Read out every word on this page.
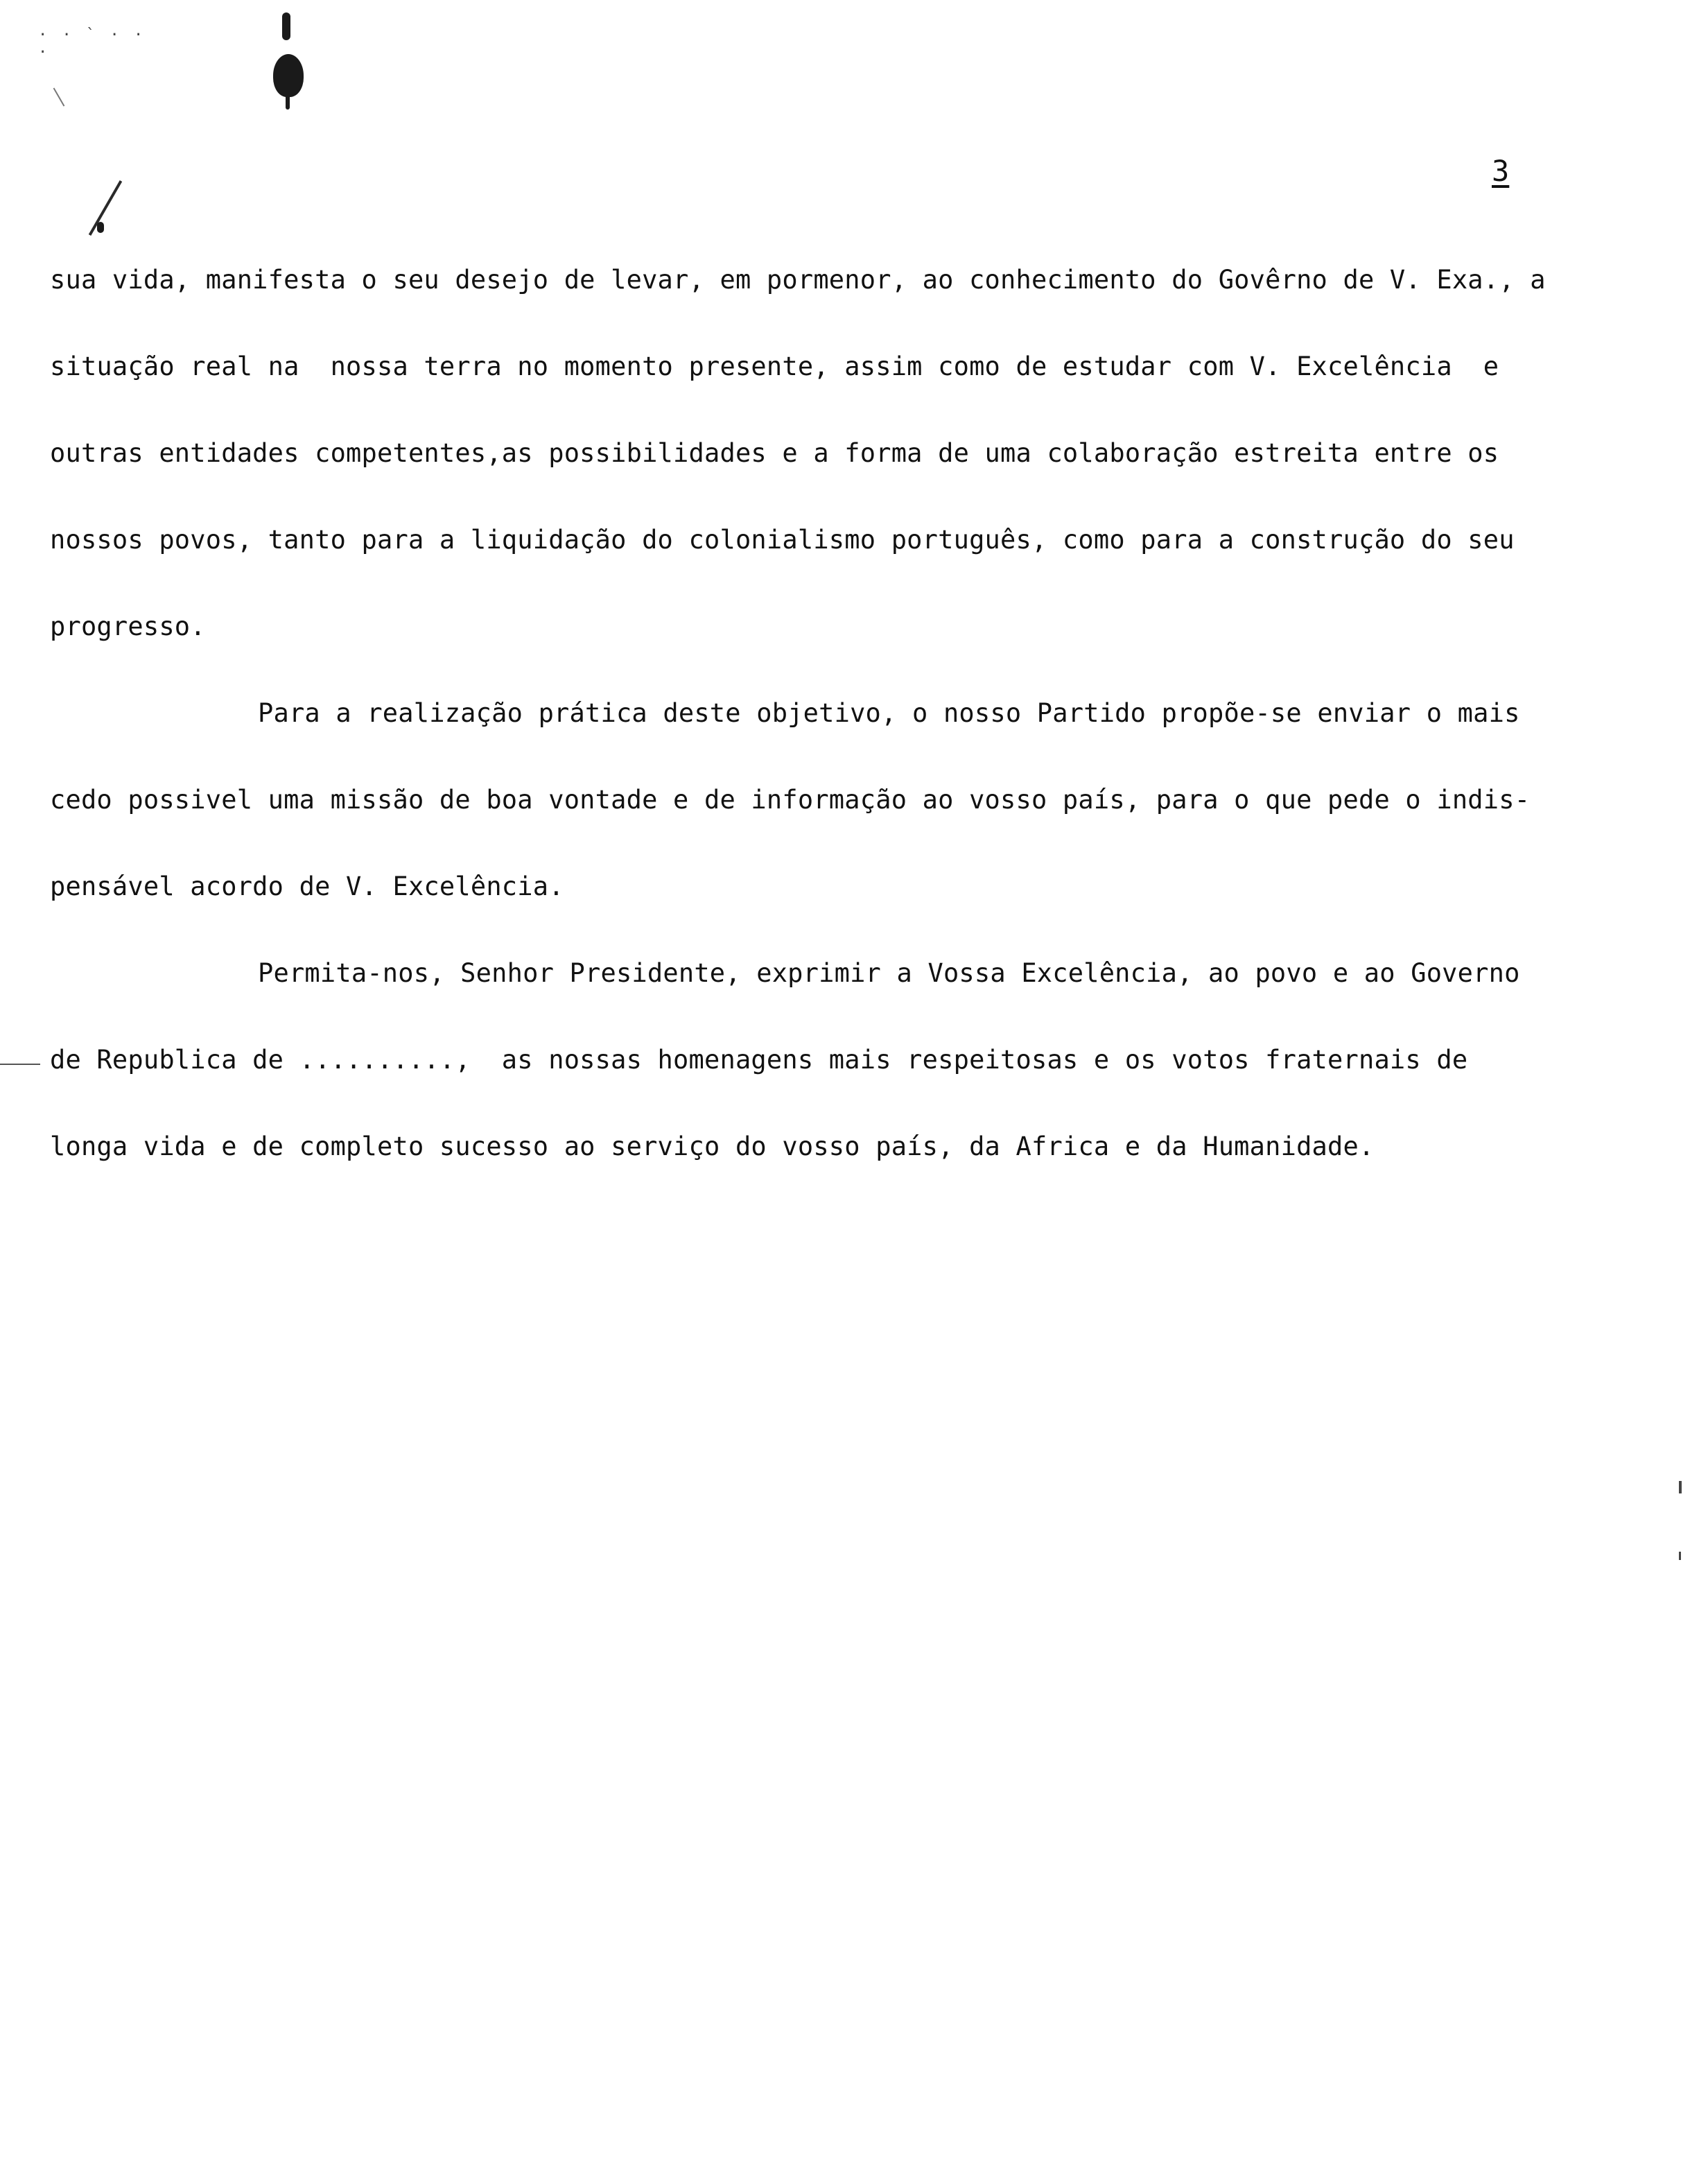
· · ` · · ·
3
sua vida, manifesta o seu desejo de levar, em pormenor, ao conhecimento do Govêrno de V. Exa., a
situação real na  nossa terra no momento presente, assim como de estudar com V. Excelência  e
outras entidades competentes,as possibilidades e a forma de uma colaboração estreita entre os
nossos povos, tanto para a liquidação do colonialismo português, como para a construção do seu
progresso.
Para a realização prática deste objetivo, o nosso Partido propõe-se enviar o mais
cedo possivel uma missão de boa vontade e de informação ao vosso país, para o que pede o indis-
pensável acordo de V. Excelência.
Permita-nos, Senhor Presidente, exprimir a Vossa Excelência, ao povo e ao Governo
de Republica de ..........,  as nossas homenagens mais respeitosas e os votos fraternais de
longa vida e de completo sucesso ao serviço do vosso país, da Africa e da Humanidade.
